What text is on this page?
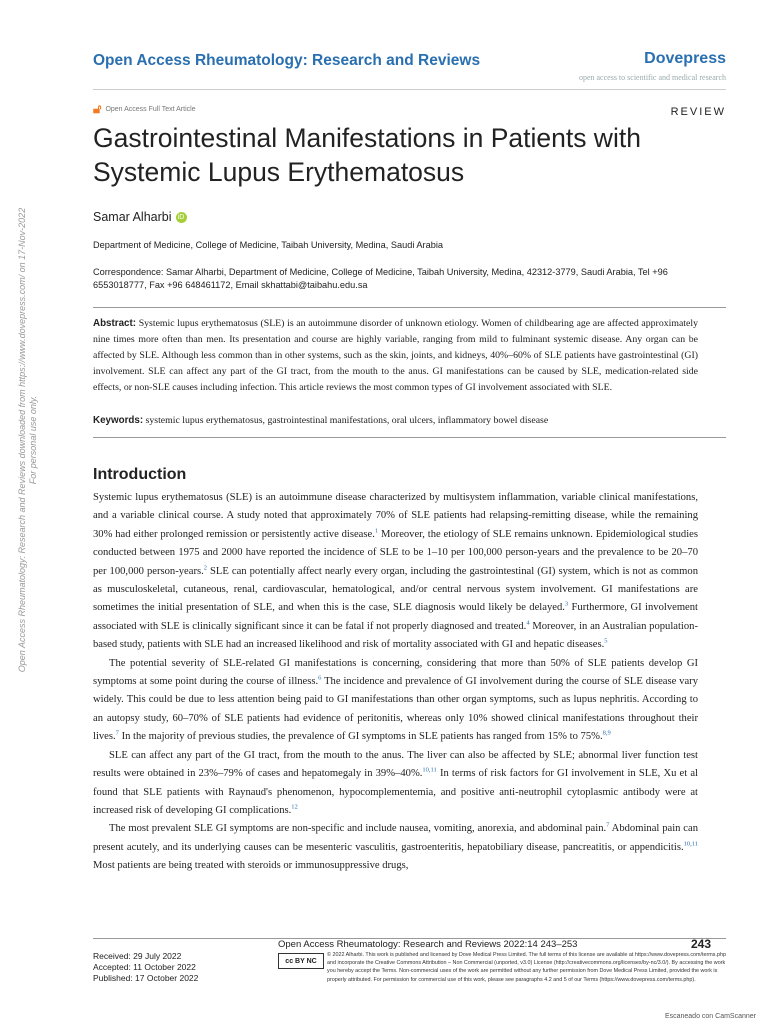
Open Access Rheumatology: Research and Reviews	Dovepress
open access to scientific and medical research
🔓︎ Open Access Full Text Article	REVIEW
Gastrointestinal Manifestations in Patients with Systemic Lupus Erythematosus
Samar Alharbi iD
Department of Medicine, College of Medicine, Taibah University, Medina, Saudi Arabia
Correspondence: Samar Alharbi, Department of Medicine, College of Medicine, Taibah University, Medina, 42312-3779, Saudi Arabia, Tel +96 6553018777, Fax +96 648461172, Email skhattabi@taibahu.edu.sa
Abstract: Systemic lupus erythematosus (SLE) is an autoimmune disorder of unknown etiology. Women of childbearing age are affected approximately nine times more often than men. Its presentation and course are highly variable, ranging from mild to fulminant systemic disease. Any organ can be affected by SLE. Although less common than in other systems, such as the skin, joints, and kidneys, 40%–60% of SLE patients have gastrointestinal (GI) involvement. SLE can affect any part of the GI tract, from the mouth to the anus. GI manifestations can be caused by SLE, medication-related side effects, or non-SLE causes including infection. This article reviews the most common types of GI involvement associated with SLE.
Keywords: systemic lupus erythematosus, gastrointestinal manifestations, oral ulcers, inflammatory bowel disease
Introduction

Systemic lupus erythematosus (SLE) is an autoimmune disease characterized by multisystem inflammation, variable clinical manifestations, and a variable clinical course. A study noted that approximately 70% of SLE patients had relapsing-remitting disease, while the remaining 30% had either prolonged remission or persistently active disease.$^1$ Moreover, the etiology of SLE remains unknown. Epidemiological studies conducted between 1975 and 2000 have reported the incidence of SLE to be 1–10 per 100,000 person-years and the prevalence to be 20–70 per 100,000 person-years.$^2$ SLE can potentially affect nearly every organ, including the gastrointestinal (GI) system, which is not as common as musculoskeletal, cutaneous, renal, cardiovascular, hematological, and/or central nervous system involvement. GI manifestations are sometimes the initial presentation of SLE, and when this is the case, SLE diagnosis would likely be delayed.$^3$ Furthermore, GI involvement associated with SLE is clinically significant since it can be fatal if not properly diagnosed and treated.$^4$ Moreover, in an Australian population-based study, patients with SLE had an increased likelihood and risk of mortality associated with GI and hepatic diseases.$^5$

The potential severity of SLE-related GI manifestations is concerning, considering that more than 50% of SLE patients develop GI symptoms at some point during the course of illness.$^6$ The incidence and prevalence of GI involvement during the course of SLE disease vary widely. This could be due to less attention being paid to GI manifestations than other organ symptoms, such as lupus nephritis. According to an autopsy study, 60–70% of SLE patients had evidence of peritonitis, whereas only 10% showed clinical manifestations throughout their lives.$^7$ In the majority of previous studies, the prevalence of GI symptoms in SLE patients has ranged from 15% to 75%.$^{8,9}$

SLE can affect any part of the GI tract, from the mouth to the anus. The liver can also be affected by SLE; abnormal liver function test results were obtained in 23%–79% of cases and hepatomegaly in 39%–40%.$^{10,11}$ In terms of risk factors for GI involvement in SLE, Xu et al found that SLE patients with Raynaud's phenomenon, hypocomplementemia, and positive anti-neutrophil cytoplasmic antibody were at increased risk of developing GI complications.$^{12}$

The most prevalent SLE GI symptoms are non-specific and include nausea, vomiting, anorexia, and abdominal pain.$^7$ Abdominal pain can present acutely, and its underlying causes can be mesenteric vasculitis, gastroenteritis, hepatobiliary disease, pancreatitis, or appendicitis.$^{10,11}$ Most patients are being treated with steroids or immunosuppressive drugs,

Open Access Rheumatology: Research and Reviews downloaded from https://www.dovepress.com/ on 17-Nov-2022 For personal use only.
Received: 29 July 2022
Accepted: 11 October 2022
Published: 17 October 2022
Open Access Rheumatology: Research and Reviews 2022:14 243–253	243
cc BY NC
© 2022 Alharbi. This work is published and licensed by Dove Medical Press Limited. The full terms of this license are available at https://www.dovepress.com/terms.php and incorporate the Creative Commons Attribution – Non Commercial (unported, v3.0) License (http://creativecommons.org/licenses/by-nc/3.0/). By accessing the work you hereby accept the Terms. Non-commercial uses of the work are permitted without any further permission from Dove Medical Press Limited, provided the work is properly attributed. For permission for commercial use of this work, please see paragraphs 4.2 and 5 of our Terms (https://www.dovepress.com/terms.php).
Escaneado con CamScanner
